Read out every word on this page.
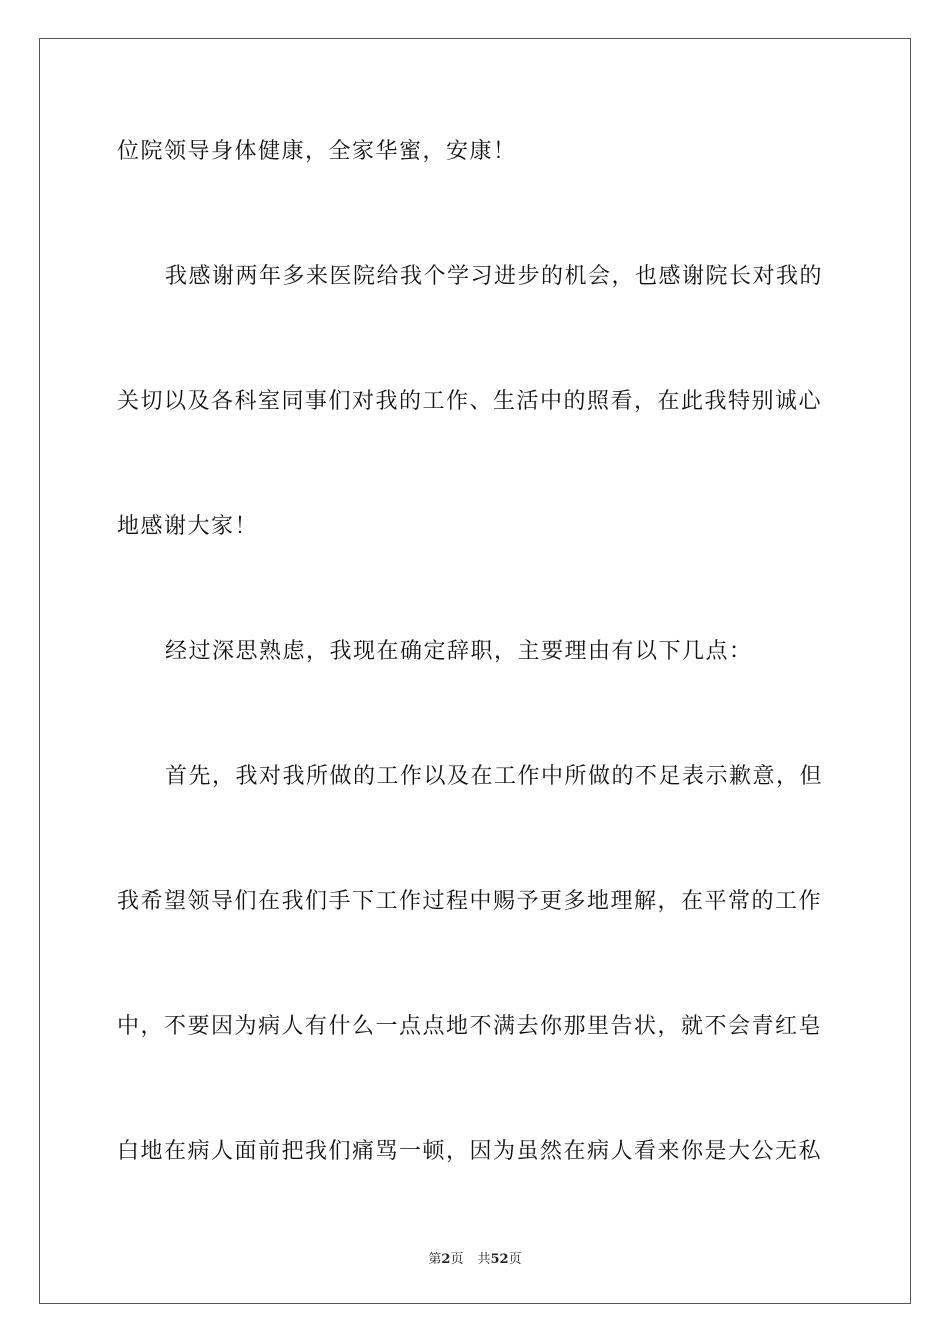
位院领导身体健康，全家华蜜，安康！
我感谢两年多来医院给我个学习进步的机会，也感谢院长对我的
关切以及各科室同事们对我的工作、生活中的照看，在此我特别诚心
地感谢大家！
经过深思熟虑，我现在确定辞职，主要理由有以下几点：
首先，我对我所做的工作以及在工作中所做的不足表示歉意，但
我希望领导们在我们手下工作过程中赐予更多地理解，在平常的工作
中，不要因为病人有什么一点点地不满去你那里告状，就不会青红皂
白地在病人面前把我们痛骂一顿，因为虽然在病人看来你是大公无私
第2页 共52页
